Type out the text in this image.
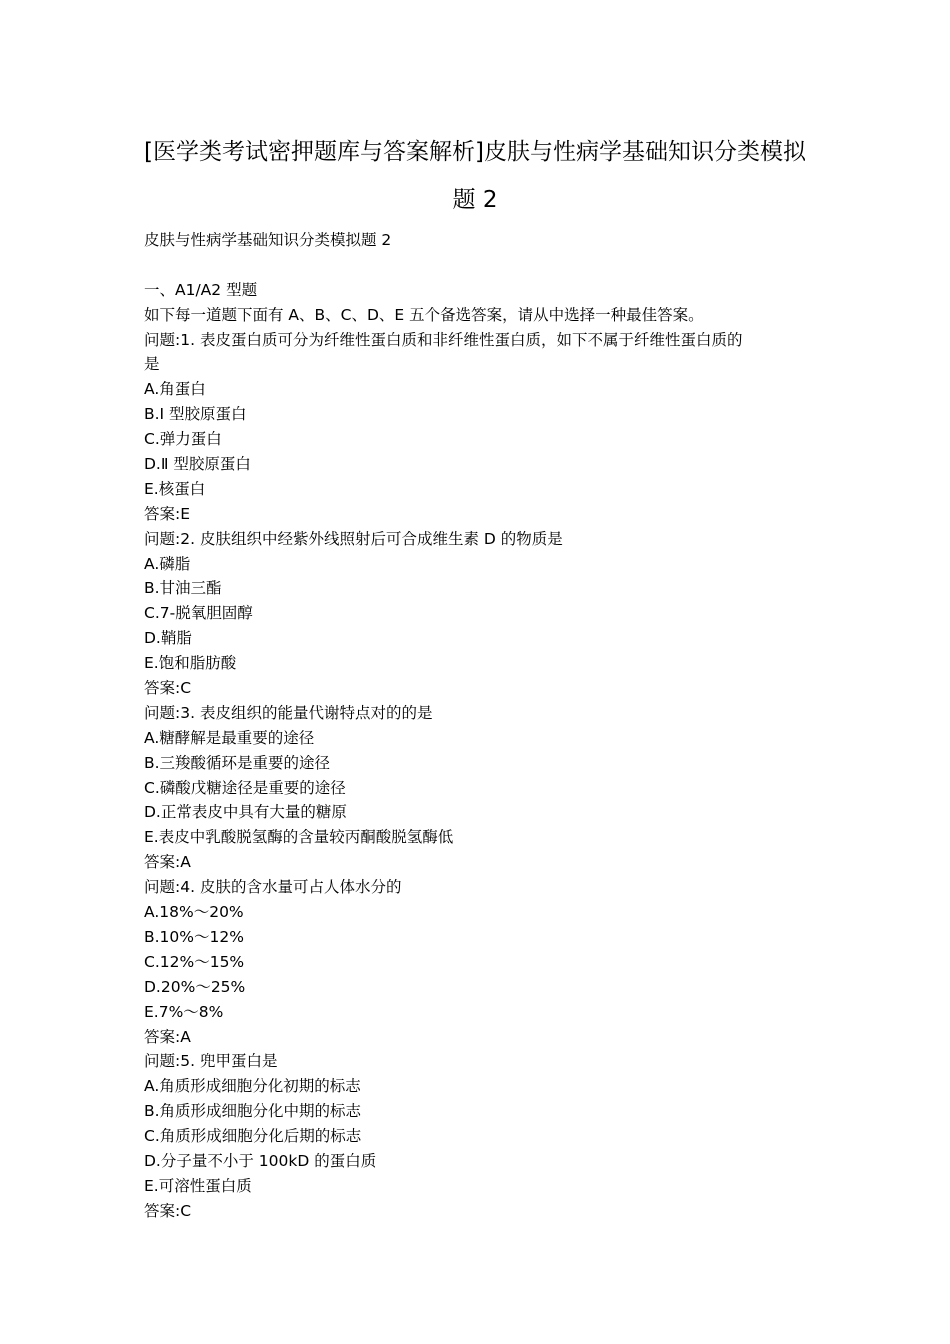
[医学类考试密押题库与答案解析]皮肤与性病学基础知识分类模拟
题 2
皮肤与性病学基础知识分类模拟题 2
一、A1/A2 型题
如下每一道题下面有 A、B、C、D、E 五个备选答案，请从中选择一种最佳答案。
问题:1. 表皮蛋白质可分为纤维性蛋白质和非纤维性蛋白质，如下不属于纤维性蛋白质的
是
A.角蛋白
B.Ⅰ 型胶原蛋白
C.弹力蛋白
D.Ⅱ 型胶原蛋白
E.核蛋白
答案:E
问题:2. 皮肤组织中经紫外线照射后可合成维生素 D 的物质是
A.磷脂
B.甘油三酯
C.7-脱氧胆固醇
D.鞘脂
E.饱和脂肪酸
答案:C
问题:3. 表皮组织的能量代谢特点对的的是
A.糖酵解是最重要的途径
B.三羧酸循环是重要的途径
C.磷酸戊糖途径是重要的途径
D.正常表皮中具有大量的糖原
E.表皮中乳酸脱氢酶的含量较丙酮酸脱氢酶低
答案:A
问题:4. 皮肤的含水量可占人体水分的
A.18%～20%
B.10%～12%
C.12%～15%
D.20%～25%
E.7%～8%
答案:A
问题:5. 兜甲蛋白是
A.角质形成细胞分化初期的标志
B.角质形成细胞分化中期的标志
C.角质形成细胞分化后期的标志
D.分子量不小于 100kD 的蛋白质
E.可溶性蛋白质
答案:C
